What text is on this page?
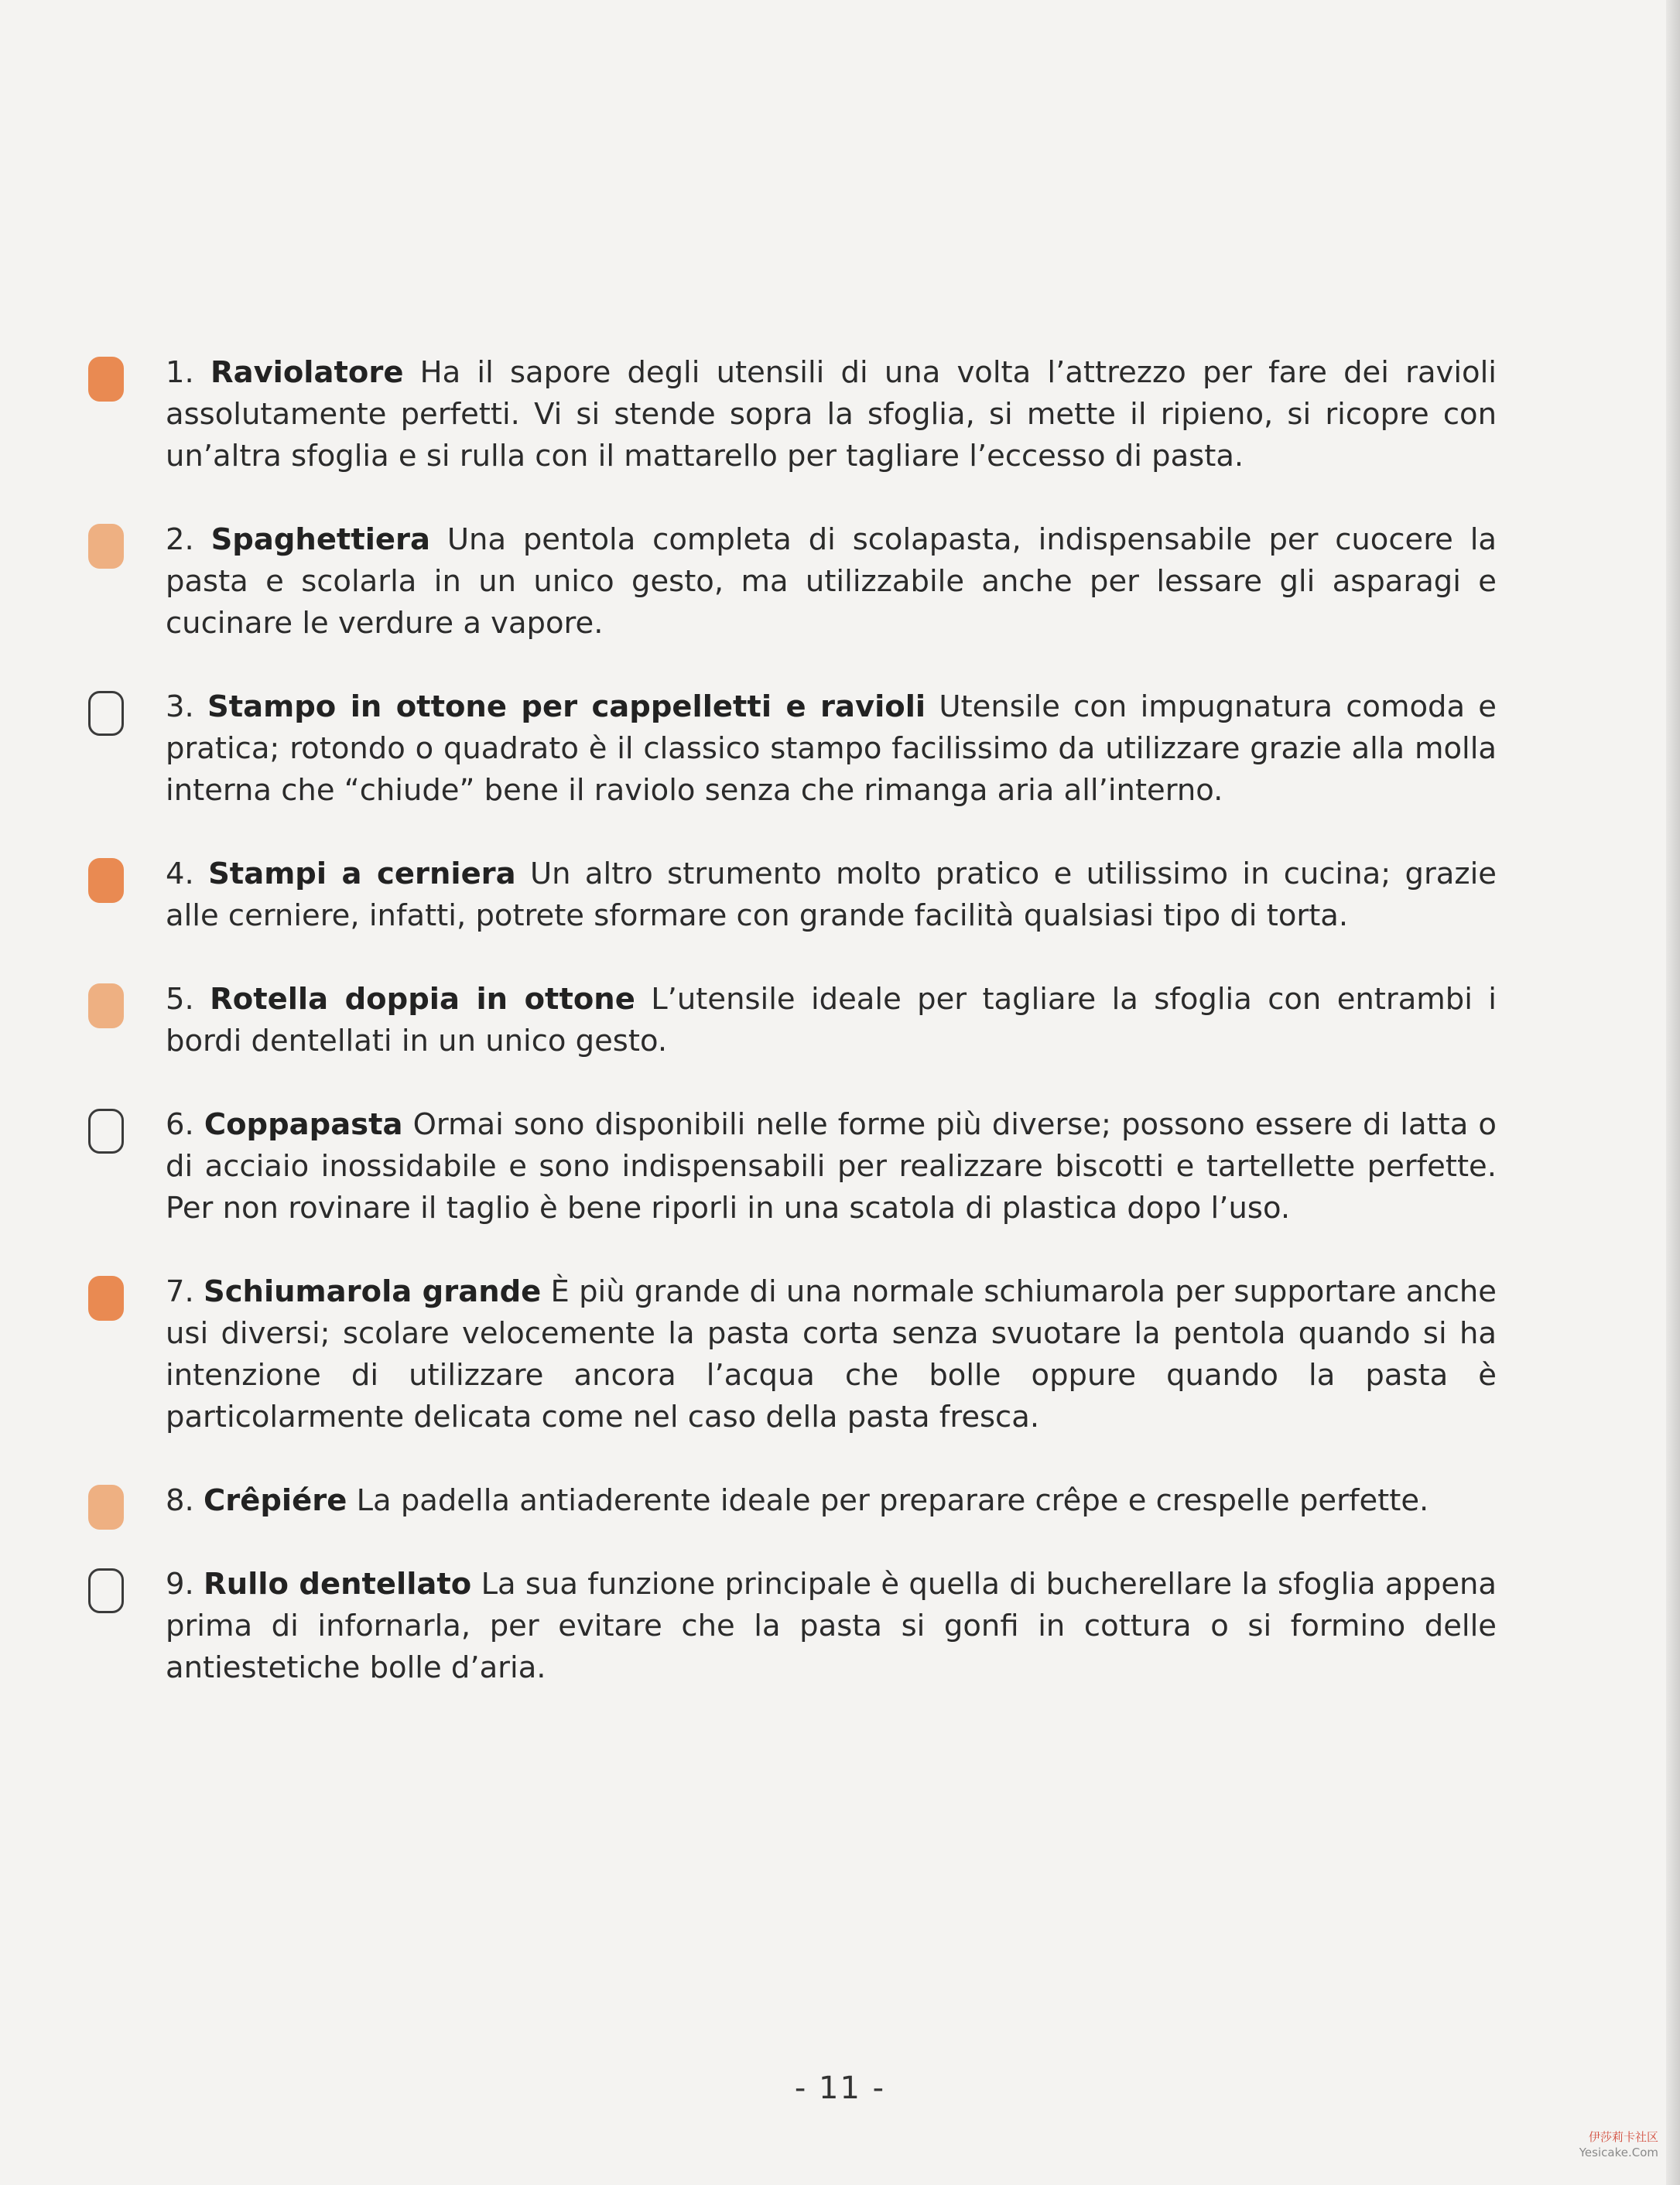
1. Raviolatore Ha il sapore degli utensili di una volta l’attrezzo per fare dei ravioli assolutamente perfetti. Vi si stende sopra la sfoglia, si mette il ripieno, si ricopre con un’altra sfoglia e si rulla con il mattarello per tagliare l’eccesso di pasta.
2. Spaghettiera Una pentola completa di scolapasta, indispensabile per cuocere la pasta e scolarla in un unico gesto, ma utilizzabile anche per lessare gli asparagi e cucinare le verdure a vapore.
3. Stampo in ottone per cappelletti e ravioli Utensile con impugnatura comoda e pratica; rotondo o quadrato è il classico stampo facilissimo da utilizzare grazie alla molla interna che “chiude” bene il raviolo senza che rimanga aria all’interno.
4. Stampi a cerniera Un altro strumento molto pratico e utilissimo in cucina; grazie alle cerniere, infatti, potrete sformare con grande facilità qualsiasi tipo di torta.
5. Rotella doppia in ottone L’utensile ideale per tagliare la sfoglia con entrambi i bordi dentellati in un unico gesto.
6. Coppapasta Ormai sono disponibili nelle forme più diverse; possono essere di latta o di acciaio inossidabile e sono indispensabili per realizzare biscotti e tartellette perfette. Per non rovinare il taglio è bene riporli in una scatola di plastica dopo l’uso.
7. Schiumarola grande È più grande di una normale schiumarola per supportare anche usi diversi; scolare velocemente la pasta corta senza svuotare la pentola quando si ha intenzione di utilizzare ancora l’acqua che bolle oppure quando la pasta è particolarmente delicata come nel caso della pasta fresca.
8. Crêpiére La padella antiaderente ideale per preparare crêpe e crespelle perfette.
9. Rullo dentellato La sua funzione principale è quella di bucherellare la sfoglia appena prima di infornarla, per evitare che la pasta si gonfi in cottura o si formino delle antiestetiche bolle d’aria.
- 11 -
伊莎莉卡社区
Yesicake.Com
